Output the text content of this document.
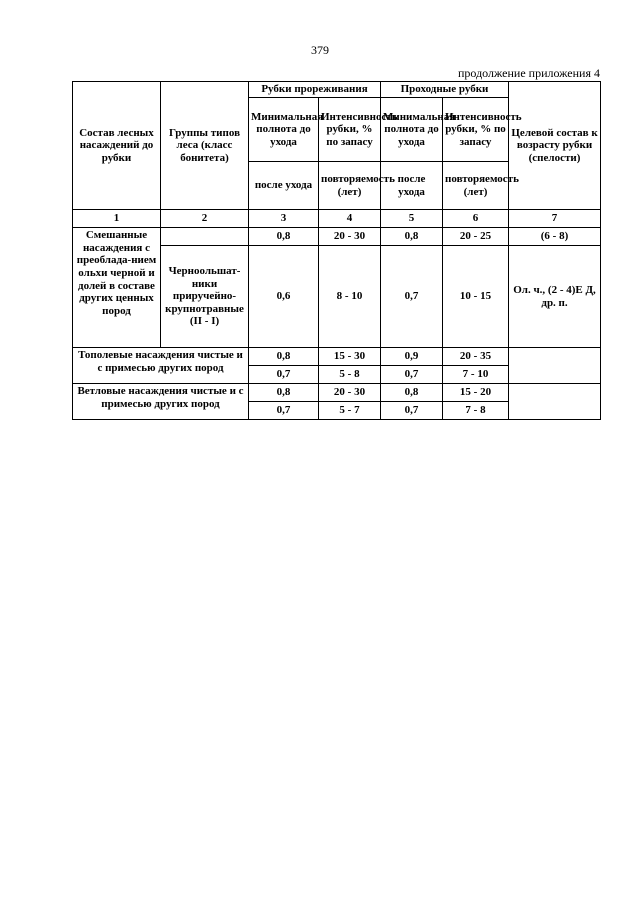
379
продолжение приложения 4
Состав лесных насаждений до рубки	Группы типов леса (класс бонитета)	Рубки прореживания		Проходные рубки		Целевой состав к возрасту рубки (спелости)
		Минимальная полнота до ухода	Интенсивность рубки, % по запасу	Минимальная полнота до ухода	Интенсивность рубки, % по запасу	
		после ухода	повторяемость (лет)	после ухода	повторяемость (лет)	
1	2	3	4	5	6	7
Смешанные насаждения с преоблада-нием ольхи черной и долей в составе других ценных пород		0,8	20 - 30	0,8	20 - 25	(6 - 8)
	Черноольшат-ники приручейно-крупнотравные (II - I)	0,6	8 - 10	0,7	10 - 15	Ол. ч., (2 - 4)Е Д, др. п.
Тополевые насаждения чистые и с примесью других пород		0,8	15 - 30	0,9	20 - 35	
		0,7	5 - 8	0,7	7 - 10	
Ветловые насаждения чистые и с примесью других пород		0,8	20 - 30	0,8	15 - 20	
		0,7	5 - 7	0,7	7 - 8	
